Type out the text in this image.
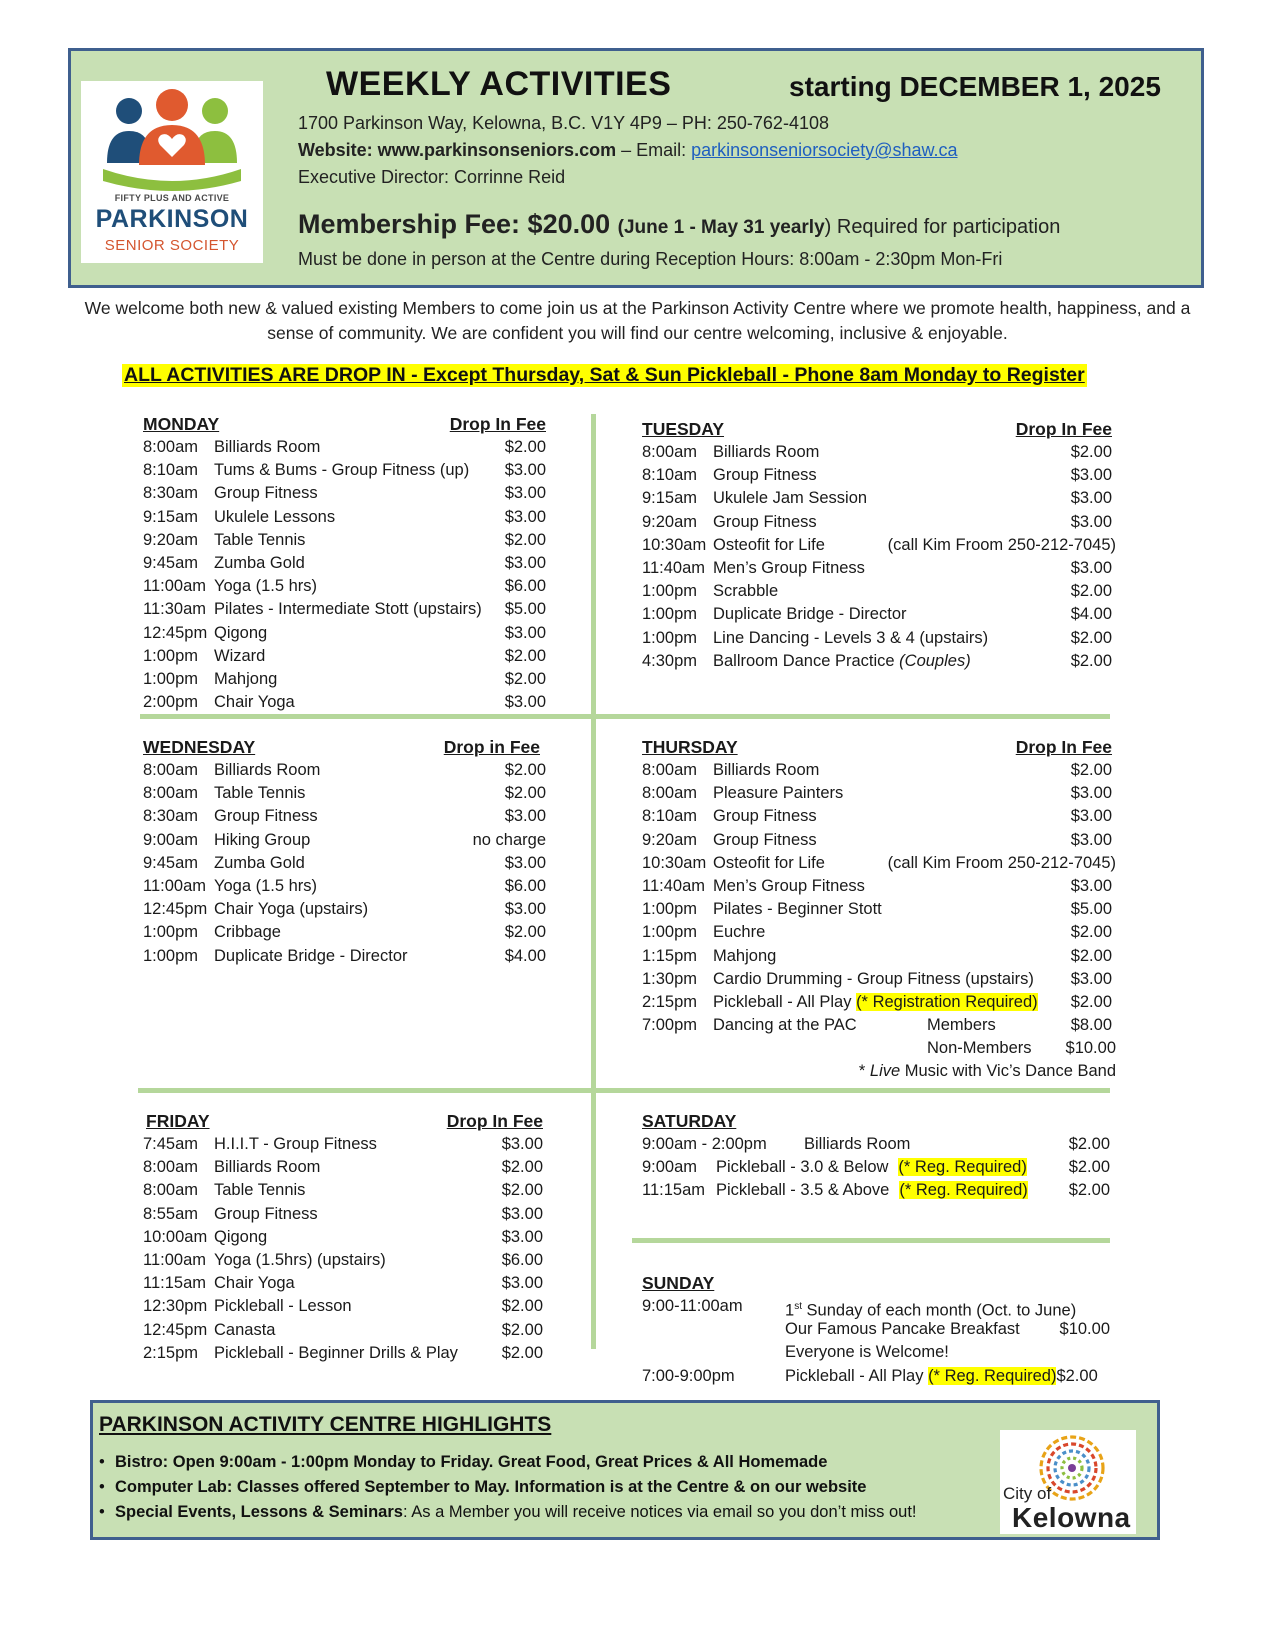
FIFTY PLUS AND ACTIVE
PARKINSON
SENIOR SOCIETY
WEEKLY ACTIVITIES	starting DECEMBER 1, 2025
1700 Parkinson Way, Kelowna, B.C. V1Y 4P9 – PH: 250-762-4108
Website: www.parkinsonseniors.com – Email: parkinsonseniorsociety@shaw.ca
Executive Director: Corrinne Reid
Membership Fee: $20.00 (June 1 - May 31 yearly) Required for participation
Must be done in person at the Centre during Reception Hours: 8:00am - 2:30pm Mon-Fri
We welcome both new & valued existing Members to come join us at the Parkinson Activity Centre where we promote health, happiness, and a sense of community. We are confident you will find our centre welcoming, inclusive & enjoyable.
ALL ACTIVITIES ARE DROP IN - Except Thursday, Sat & Sun Pickleball - Phone 8am Monday to Register
MONDAY	Drop In Fee
8:00am Billiards Room	$2.00
8:10am Tums & Bums - Group Fitness (up) $3.00
8:30am Group Fitness	$3.00
9:15am Ukulele Lessons	$3.00
9:20am Table Tennis	$2.00
9:45am Zumba Gold	$3.00
11:00am Yoga (1.5 hrs)	$6.00
11:30am Pilates - Intermediate Stott (upstairs) $5.00
12:45pm Qigong	$3.00
1:00pm Wizard	$2.00
1:00pm Mahjong	$2.00
2:00pm Chair Yoga	$3.00
TUESDAY	Drop In Fee
8:00am Billiards Room	$2.00
8:10am Group Fitness	$3.00
9:15am Ukulele Jam Session	$3.00
9:20am Group Fitness	$3.00
10:30am Osteofit for Life	(call Kim Froom 250-212-7045)
11:40am Men’s Group Fitness	$3.00
1:00pm Scrabble	$2.00
1:00pm Duplicate Bridge - Director	$4.00
1:00pm Line Dancing - Levels 3 & 4 (upstairs)	$2.00
4:30pm Ballroom Dance Practice (Couples)	$2.00
WEDNESDAY	Drop in Fee
8:00am Billiards Room	$2.00
8:00am Table Tennis	$2.00
8:30am Group Fitness	$3.00
9:00am Hiking Group	no charge
9:45am Zumba Gold	$3.00
11:00am Yoga (1.5 hrs)	$6.00
12:45pm Chair Yoga (upstairs)	$3.00
1:00pm Cribbage	$2.00
1:00pm Duplicate Bridge - Director	$4.00
THURSDAY	Drop In Fee
8:00am Billiards Room	$2.00
8:00am Pleasure Painters	$3.00
8:10am Group Fitness	$3.00
9:20am Group Fitness	$3.00
10:30am Osteofit for Life	(call Kim Froom 250-212-7045)
11:40am Men’s Group Fitness	$3.00
1:00pm Pilates - Beginner Stott	$5.00
1:00pm Euchre	$2.00
1:15pm Mahjong	$2.00
1:30pm Cardio Drumming - Group Fitness (upstairs) $3.00
2:15pm Pickleball - All Play (* Registration Required) $2.00
7:00pm Dancing at the PAC	Members	$8.00
Non-Members $10.00
* Live Music with Vic’s Dance Band
FRIDAY	Drop In Fee
7:45am H.I.I.T - Group Fitness	$3.00
8:00am Billiards Room	$2.00
8:00am Table Tennis	$2.00
8:55am Group Fitness	$3.00
10:00am Qigong	$3.00
11:00am Yoga (1.5hrs) (upstairs)	$6.00
11:15am Chair Yoga	$3.00
12:30pm Pickleball - Lesson	$2.00
12:45pm Canasta	$2.00
2:15pm Pickleball - Beginner Drills & Play	$2.00
SATURDAY
9:00am - 2:00pm Billiards Room	$2.00
9:00am Pickleball - 3.0 & Below (* Reg. Required)	$2.00
11:15am Pickleball - 3.5 & Above (* Reg. Required) $2.00
SUNDAY
9:00-11:00am	1st Sunday of each month (Oct. to June)
Our Famous Pancake Breakfast $10.00
Everyone is Welcome!
7:00-9:00pm	Pickleball - All Play (* Reg. Required)$2.00
PARKINSON ACTIVITY CENTRE HIGHLIGHTS
• Bistro: Open 9:00am - 1:00pm Monday to Friday. Great Food, Great Prices & All Homemade
• Computer Lab: Classes offered September to May. Information is at the Centre & on our website
• Special Events, Lessons & Seminars: As a Member you will receive notices via email so you don’t miss out!
City of
Kelowna
